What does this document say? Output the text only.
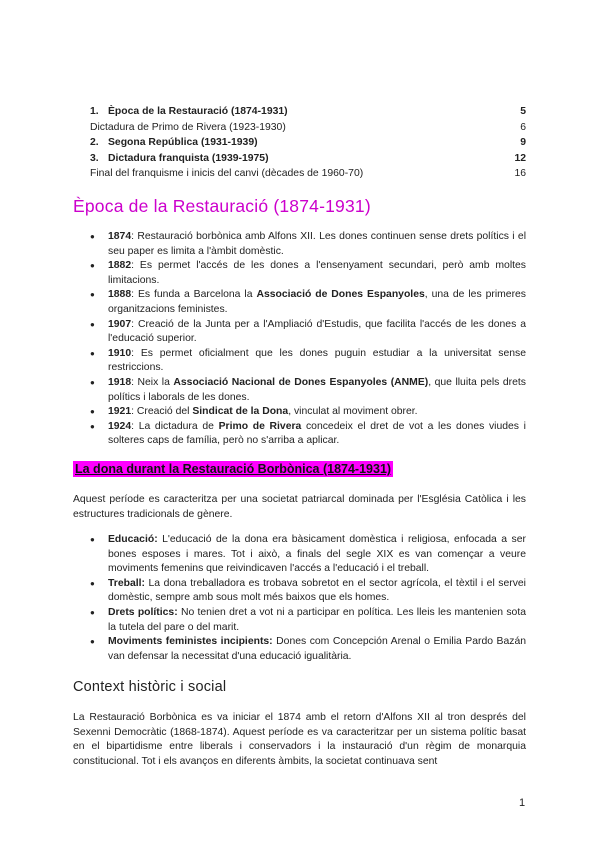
1. Època de la Restauració (1874-1931)	5
Dictadura de Primo de Rivera (1923-1930)	6
2. Segona República (1931-1939)	9
3. Dictadura franquista (1939-1975)	12
Final del franquisme i inicis del canvi (dècades de 1960-70)	16
Època de la Restauració (1874-1931)
● 1874: Restauració borbònica amb Alfons XII. Les dones continuen sense drets polítics i el seu paper es limita a l'àmbit domèstic.
● 1882: Es permet l'accés de les dones a l'ensenyament secundari, però amb moltes limitacions.
● 1888: Es funda a Barcelona la Associació de Dones Espanyoles, una de les primeres organitzacions feministes.
● 1907: Creació de la Junta per a l'Ampliació d'Estudis, que facilita l'accés de les dones a l'educació superior.
● 1910: Es permet oficialment que les dones puguin estudiar a la universitat sense restriccions.
● 1918: Neix la Associació Nacional de Dones Espanyoles (ANME), que lluita pels drets polítics i laborals de les dones.
● 1921: Creació del Sindicat de la Dona, vinculat al moviment obrer.
● 1924: La dictadura de Primo de Rivera concedeix el dret de vot a les dones viudes i solteres caps de família, però no s'arriba a aplicar.
La dona durant la Restauració Borbònica (1874-1931)

Aquest període es caracteritza per una societat patriarcal dominada per l'Església Catòlica i les estructures tradicionals de gènere.

● Educació: L'educació de la dona era bàsicament domèstica i religiosa, enfocada a ser bones esposes i mares. Tot i això, a finals del segle XIX es van començar a veure moviments femenins que reivindicaven l'accés a l'educació i el treball.
● Treball: La dona treballadora es trobava sobretot en el sector agrícola, el tèxtil i el servei domèstic, sempre amb sous molt més baixos que els homes.
● Drets polítics: No tenien dret a vot ni a participar en política. Les lleis les mantenien sota la tutela del pare o del marit.
● Moviments feministes incipients: Dones com Concepción Arenal o Emilia Pardo Bazán van defensar la necessitat d'una educació igualitària.
Context històric i social

La Restauració Borbònica es va iniciar el 1874 amb el retorn d'Alfons XII al tron després del Sexenni Democràtic (1868-1874). Aquest període es va caracteritzar per un sistema polític basat en el bipartidisme entre liberals i conservadors i la instauració d'un règim de monarquia constitucional. Tot i els avanços en diferents àmbits, la societat continuava sent

1
